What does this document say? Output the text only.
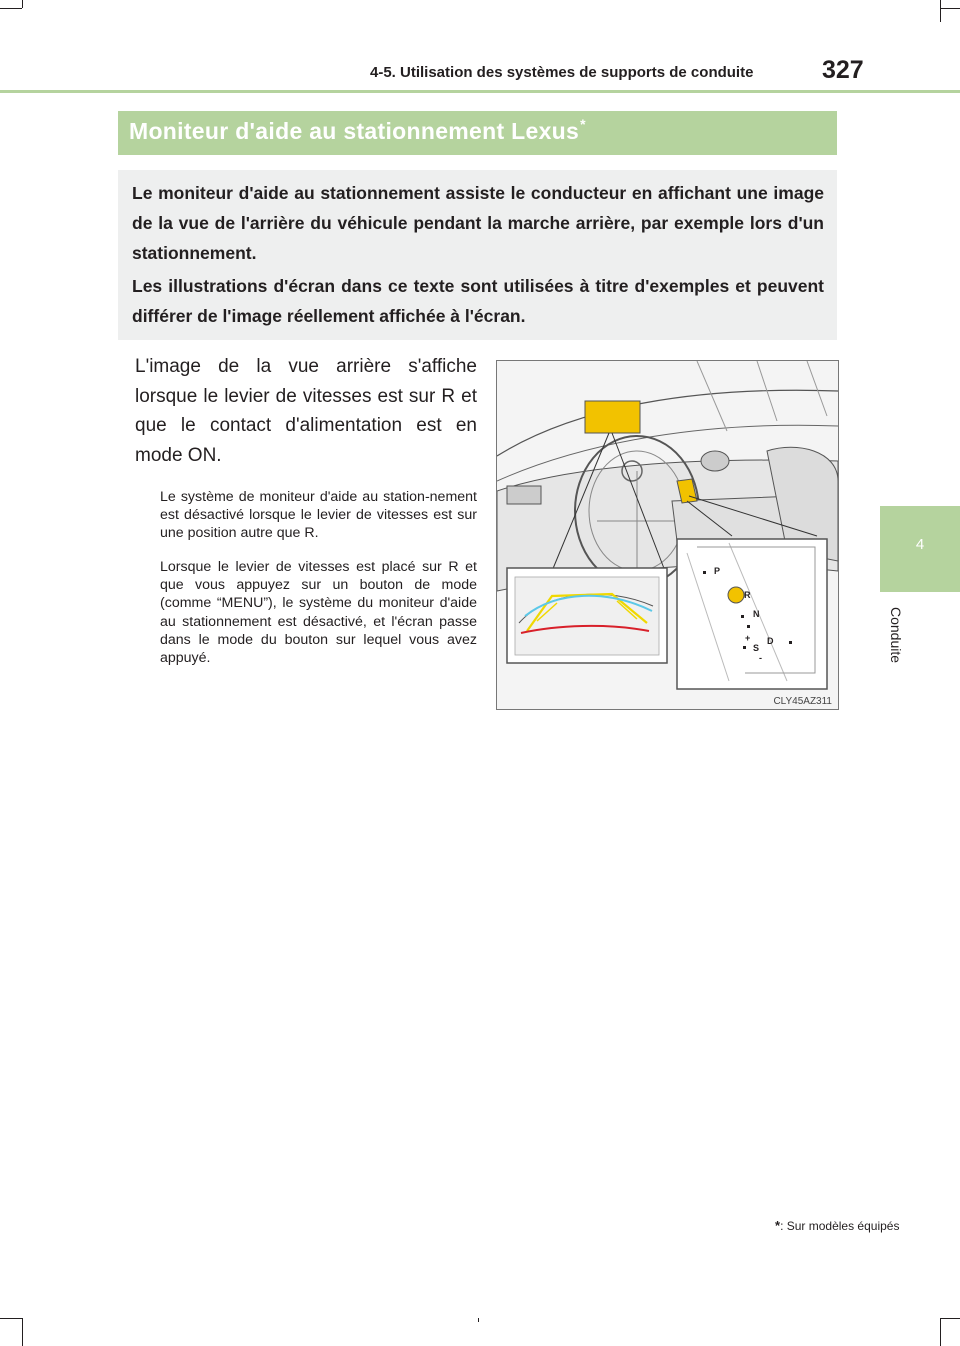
4-5. Utilisation des systèmes de supports de conduite	327
4
Conduite
Moniteur d'aide au stationnement Lexus*

Le moniteur d'aide au stationnement assiste le conducteur en affichant une image de la vue de l'arrière du véhicule pendant la marche arrière, par exemple lors d'un stationnement.

Les illustrations d'écran dans ce texte sont utilisées à titre d'exemples et peuvent différer de l'image réellement affichée à l'écran.

L'image de la vue arrière s'affiche lorsque le levier de vitesses est sur R et que le contact d'alimentation est en mode ON.

Le système de moniteur d'aide au station-nement est désactivé lorsque le levier de vitesses est sur une position autre que R.

Lorsque le levier de vitesses est placé sur R et que vous appuyez sur un bouton de mode (comme “MENU”), le système du moniteur d'aide au stationnement est désactivé, et l'écran passe dans le mode du bouton sur lequel vous avez appuyé.

P
R
N
D
S
+
-
CLY45AZ311
*: Sur modèles équipés
